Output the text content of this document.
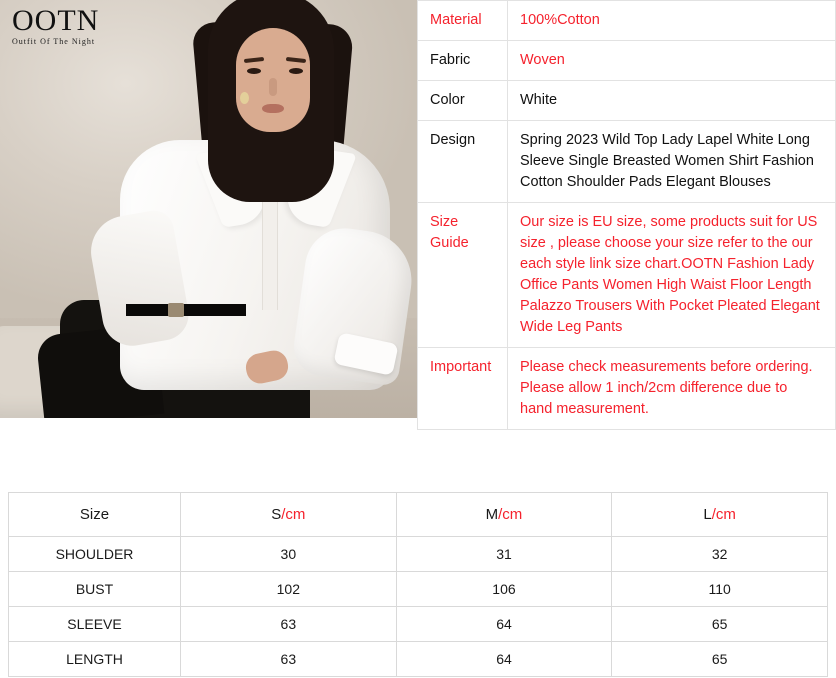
OOTN
Outfit Of The Night
Material	100%Cotton
Fabric	Woven
Color	White
Design	Spring 2023 Wild Top Lady Lapel White Long Sleeve Single Breasted Women Shirt Fashion Cotton Shoulder Pads Elegant Blouses
Size Guide	Our size is EU size, some products suit for US size , please choose your size refer to the our each style link size chart.OOTN Fashion Lady Office Pants Women High Waist Floor Length Palazzo Trousers With Pocket Pleated Elegant Wide Leg Pants
Important	Please check measurements before ordering. Please allow 1 inch/2cm difference due to hand measurement.
Size	S/cm	M/cm	L/cm
SHOULDER	30	31	32
BUST	102	106	110
SLEEVE	63	64	65
LENGTH	63	64	65
